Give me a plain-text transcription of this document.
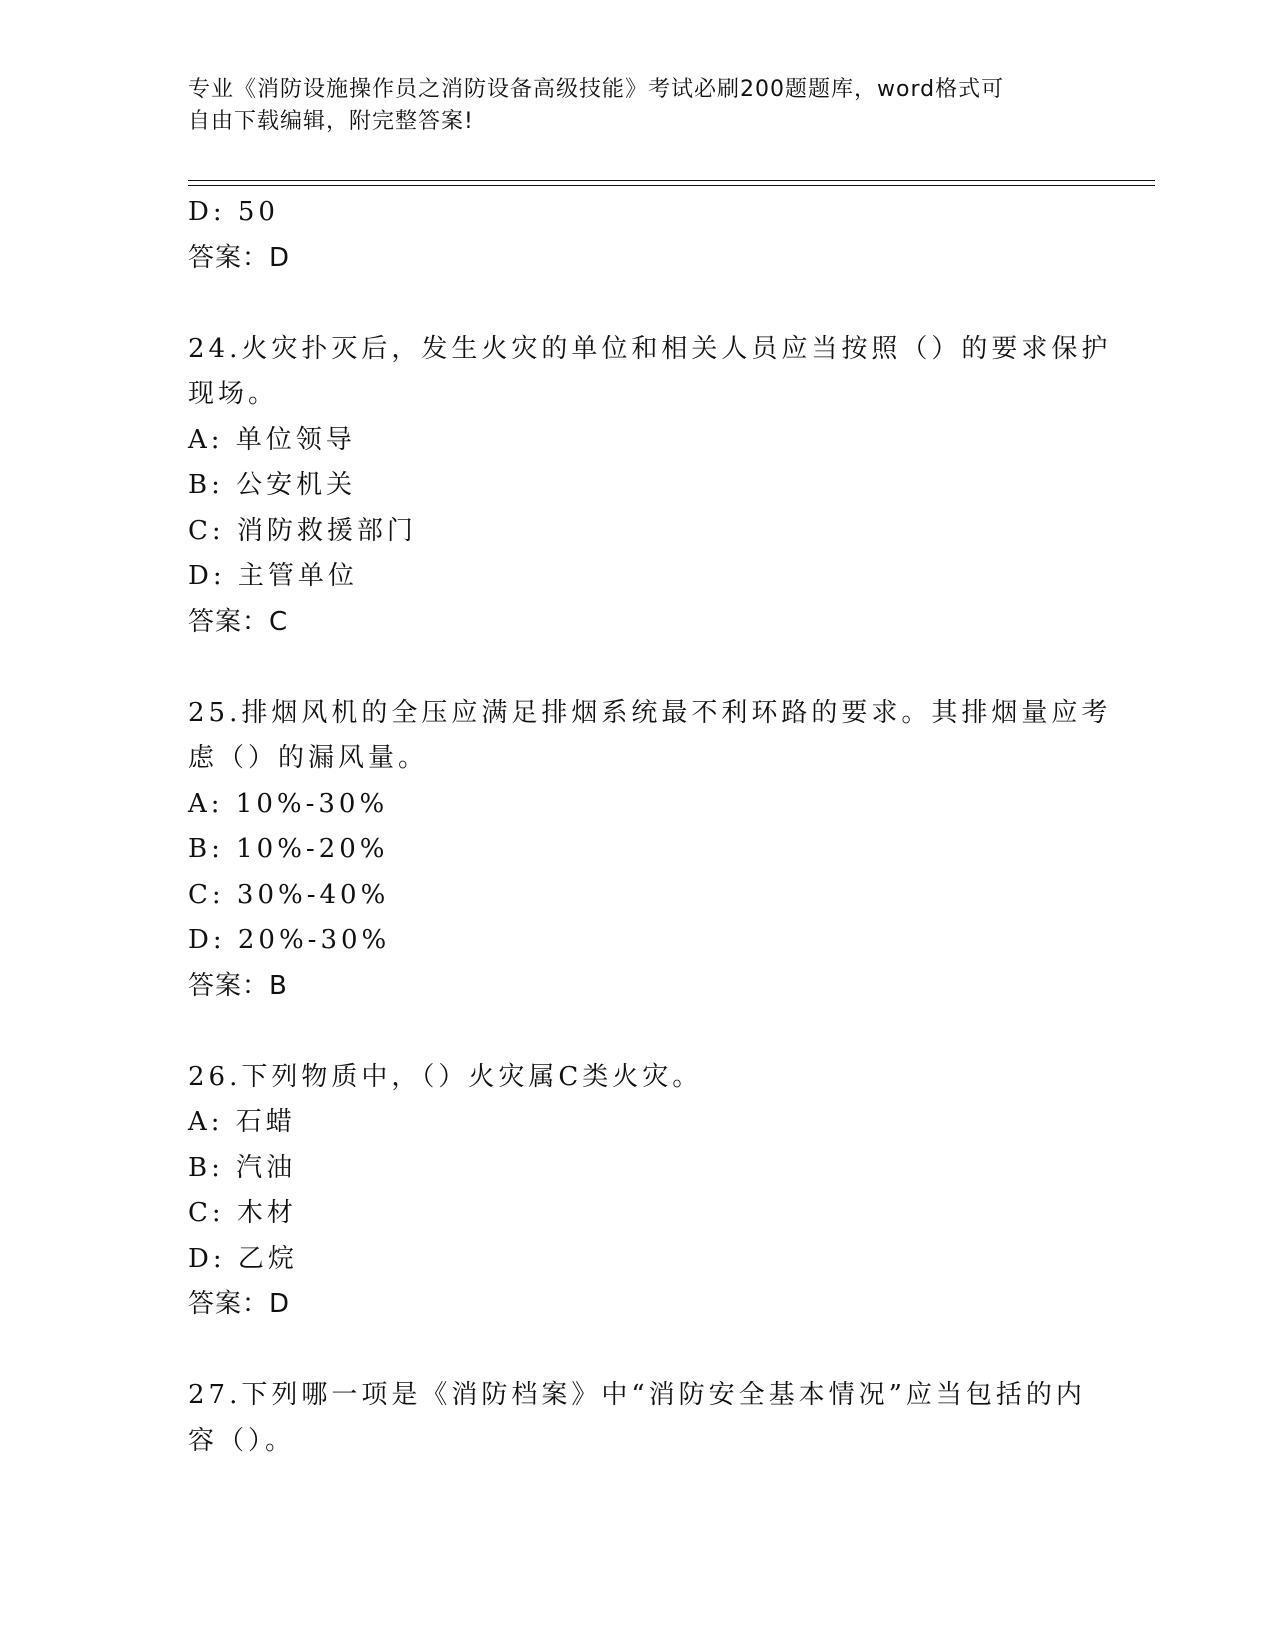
专业《消防设施操作员之消防设备高级技能》考试必刷200题题库，word格式可
自由下载编辑，附完整答案!
D: 50
答案：D
24.火灾扑灭后，发生火灾的单位和相关人员应当按照（）的要求保护
现场。
A: 单位领导
B: 公安机关
C: 消防救援部门
D: 主管单位
答案：C
25.排烟风机的全压应满足排烟系统最不利环路的要求。其排烟量应考
虑（）的漏风量。
A: 10%-30%
B: 10%-20%
C: 30%-40%
D: 20%-30%
答案：B
26.下列物质中，（）火灾属C类火灾。
A: 石蜡
B: 汽油
C: 木材
D: 乙烷
答案：D
27.下列哪一项是《消防档案》中“消防安全基本情况”应当包括的内
容（）。
